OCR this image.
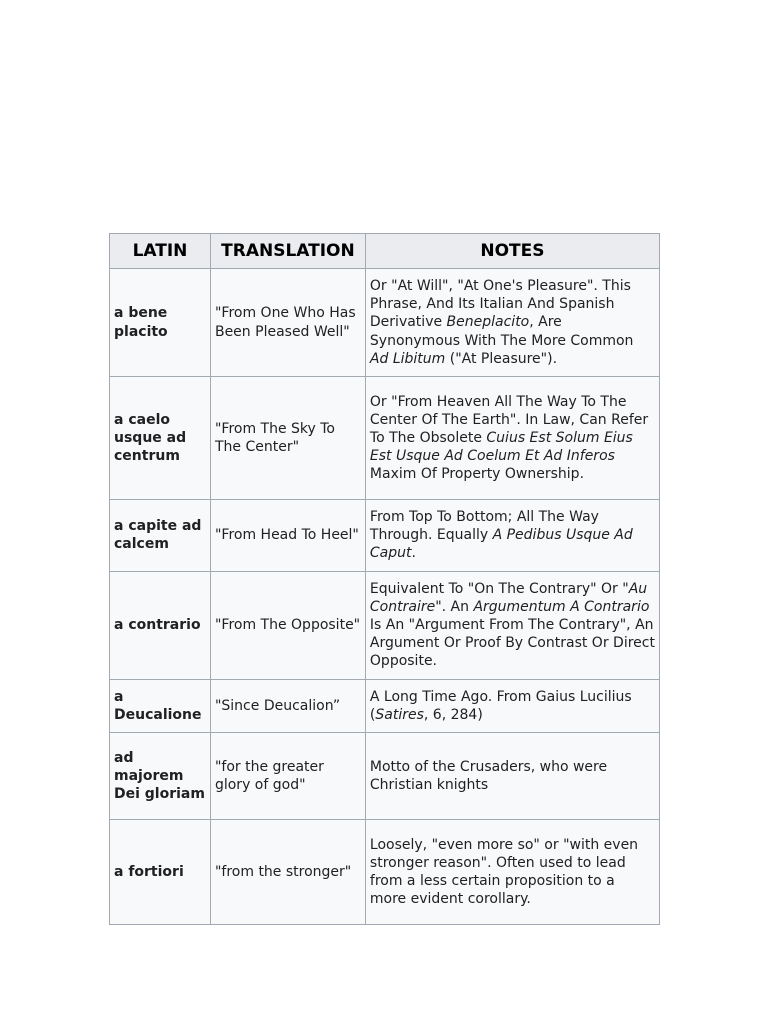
LATIN	TRANSLATION	NOTES
a bene placito	"From One Who Has Been Pleased Well"	Or "At Will", "At One's Pleasure". This Phrase, And Its Italian And Spanish Derivative Beneplacito, Are Synonymous With The More Common Ad Libitum ("At Pleasure").
a caelo usque ad centrum	"From The Sky To The Center"	Or "From Heaven All The Way To The Center Of The Earth". In Law, Can Refer To The Obsolete Cuius Est Solum Eius Est Usque Ad Coelum Et Ad Inferos Maxim Of Property Ownership.
a capite ad calcem	"From Head To Heel"	From Top To Bottom; All The Way Through. Equally A Pedibus Usque Ad Caput.
a contrario	"From The Opposite"	Equivalent To "On The Contrary" Or "Au Contraire". An Argumentum A Contrario Is An "Argument From The Contrary", An Argument Or Proof By Contrast Or Direct Opposite.
a Deucalione	"Since Deucalion”	A Long Time Ago. From Gaius Lucilius (Satires, 6, 284)
ad majorem Dei gloriam	"for the greater glory of god"	Motto of the Crusaders, who were Christian knights
a fortiori	"from the stronger"	Loosely, "even more so" or "with even stronger reason". Often used to lead from a less certain proposition to a more evident corollary.
